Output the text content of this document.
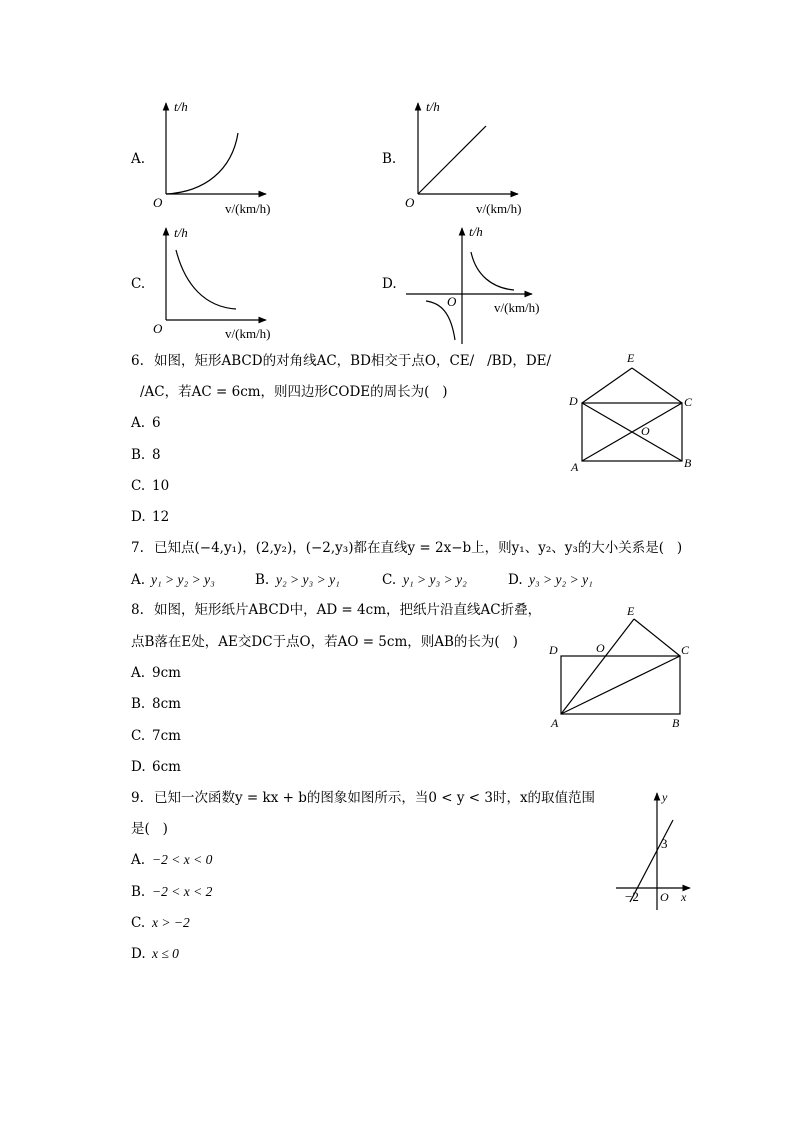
A.
t/h
O	v/(km/h)
B.
t/h
O	v/(km/h)
C.
t/h
O	v/(km/h)
D.
t/h
O	v/(km/h)
6. 如图，矩形ABCD的对角线AC，BD相交于点O，CE/   /BD，DE/
/AC，若AC = 6cm，则四边形CODE的周长为(   )
A. 6
B. 8
C. 10
D. 12
E
D	C
O
A	B
7. 已知点(−4,y₁)，(2,y₂)，(−2,y₃)都在直线y = 2x−b上，则y₁、y₂、y₃的大小关系是(   )
A. y₁ > y₂ > y₃	B. y₂ > y₃ > y₁	C. y₁ > y₃ > y₂	D. y₃ > y₂ > y₁
8. 如图，矩形纸片ABCD中，AD = 4cm，把纸片沿直线AC折叠，
点B落在E处，AE交DC于点O，若AO = 5cm，则AB的长为(   )
A. 9cm
B. 8cm
C. 7cm
D. 6cm
E
D	O	C
A	B
9. 已知一次函数y = kx + b的图象如图所示，当0 < y < 3时，x的取值范围
是(   )
A. −2 < x < 0
B. −2 < x < 2
C. x > −2
D. x ≤ 0
y
x
3
−2 O
